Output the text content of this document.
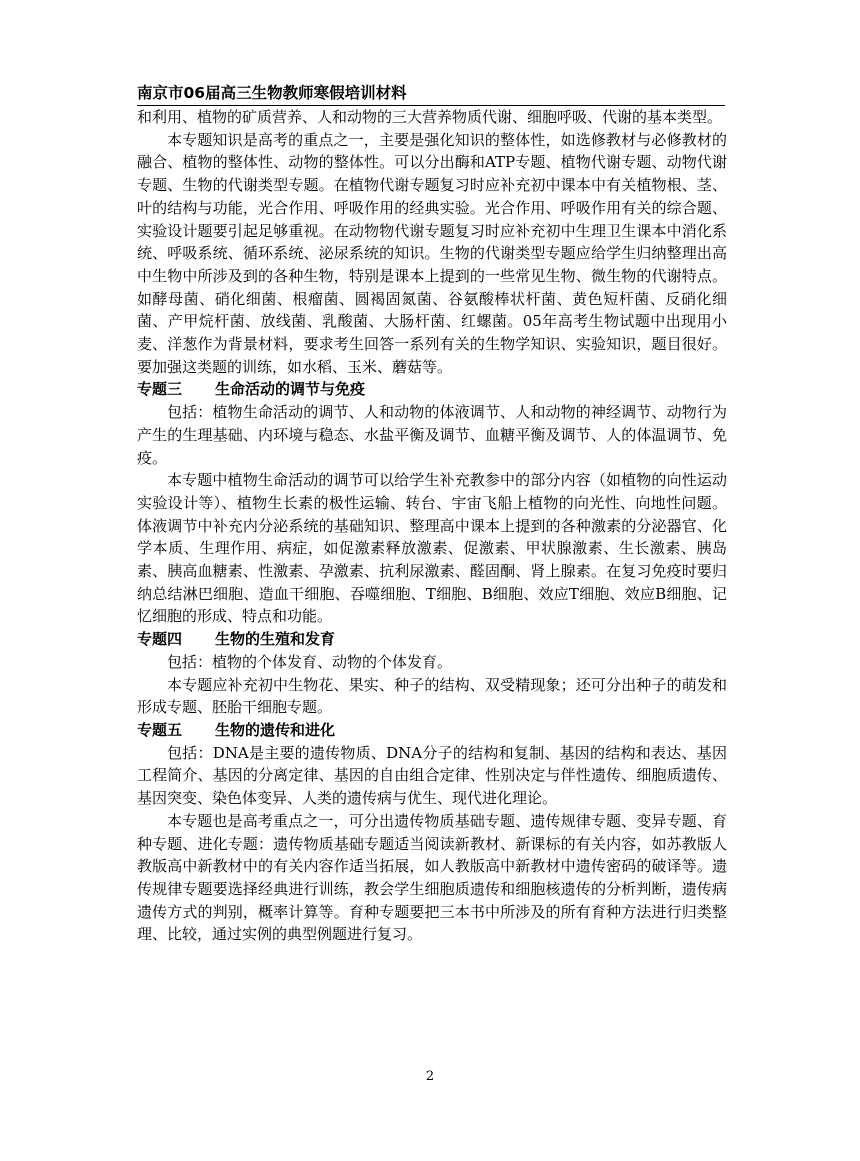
南京市06届高三生物教师寒假培训材料

和利用、植物的矿质营养、人和动物的三大营养物质代谢、细胞呼吸、代谢的基本类型。

本专题知识是高考的重点之一，主要是强化知识的整体性，如选修教材与必修教材的融合、植物的整体性、动物的整体性。可以分出酶和ATP专题、植物代谢专题、动物代谢专题、生物的代谢类型专题。在植物代谢专题复习时应补充初中课本中有关植物根、茎、叶的结构与功能，光合作用、呼吸作用的经典实验。光合作用、呼吸作用有关的综合题、实验设计题要引起足够重视。在动物物代谢专题复习时应补充初中生理卫生课本中消化系统、呼吸系统、循环系统、泌尿系统的知识。生物的代谢类型专题应给学生归纳整理出高中生物中所涉及到的各种生物，特别是课本上提到的一些常见生物、微生物的代谢特点。如酵母菌、硝化细菌、根瘤菌、圆褐固氮菌、谷氨酸棒状杆菌、黄色短杆菌、反硝化细菌、产甲烷杆菌、放线菌、乳酸菌、大肠杆菌、红螺菌。05年高考生物试题中出现用小麦、洋葱作为背景材料，要求考生回答一系列有关的生物学知识、实验知识，题目很好。要加强这类题的训练，如水稻、玉米、蘑菇等。

专题三 生命活动的调节与免疫

包括：植物生命活动的调节、人和动物的体液调节、人和动物的神经调节、动物行为产生的生理基础、内环境与稳态、水盐平衡及调节、血糖平衡及调节、人的体温调节、免疫。

本专题中植物生命活动的调节可以给学生补充教参中的部分内容（如植物的向性运动实验设计等）、植物生长素的极性运输、转台、宇宙飞船上植物的向光性、向地性问题。体液调节中补充内分泌系统的基础知识、整理高中课本上提到的各种激素的分泌器官、化学本质、生理作用、病症，如促激素释放激素、促激素、甲状腺激素、生长激素、胰岛素、胰高血糖素、性激素、孕激素、抗利尿激素、醛固酮、肾上腺素。在复习免疫时要归纳总结淋巴细胞、造血干细胞、吞噬细胞、T细胞、B细胞、效应T细胞、效应B细胞、记忆细胞的形成、特点和功能。

专题四 生物的生殖和发育

包括：植物的个体发育、动物的个体发育。

本专题应补充初中生物花、果实、种子的结构、双受精现象；还可分出种子的萌发和形成专题、胚胎干细胞专题。

专题五 生物的遗传和进化

包括：DNA是主要的遗传物质、DNA分子的结构和复制、基因的结构和表达、基因工程简介、基因的分离定律、基因的自由组合定律、性别决定与伴性遗传、细胞质遗传、基因突变、染色体变异、人类的遗传病与优生、现代进化理论。

本专题也是高考重点之一，可分出遗传物质基础专题、遗传规律专题、变异专题、育种专题、进化专题：遗传物质基础专题适当阅读新教材、新课标的有关内容，如苏教版人教版高中新教材中的有关内容作适当拓展，如人教版高中新教材中遗传密码的破译等。遗传规律专题要选择经典进行训练，教会学生细胞质遗传和细胞核遗传的分析判断，遗传病遗传方式的判别，概率计算等。育种专题要把三本书中所涉及的所有育种方法进行归类整理、比较，通过实例的典型例题进行复习。

2
